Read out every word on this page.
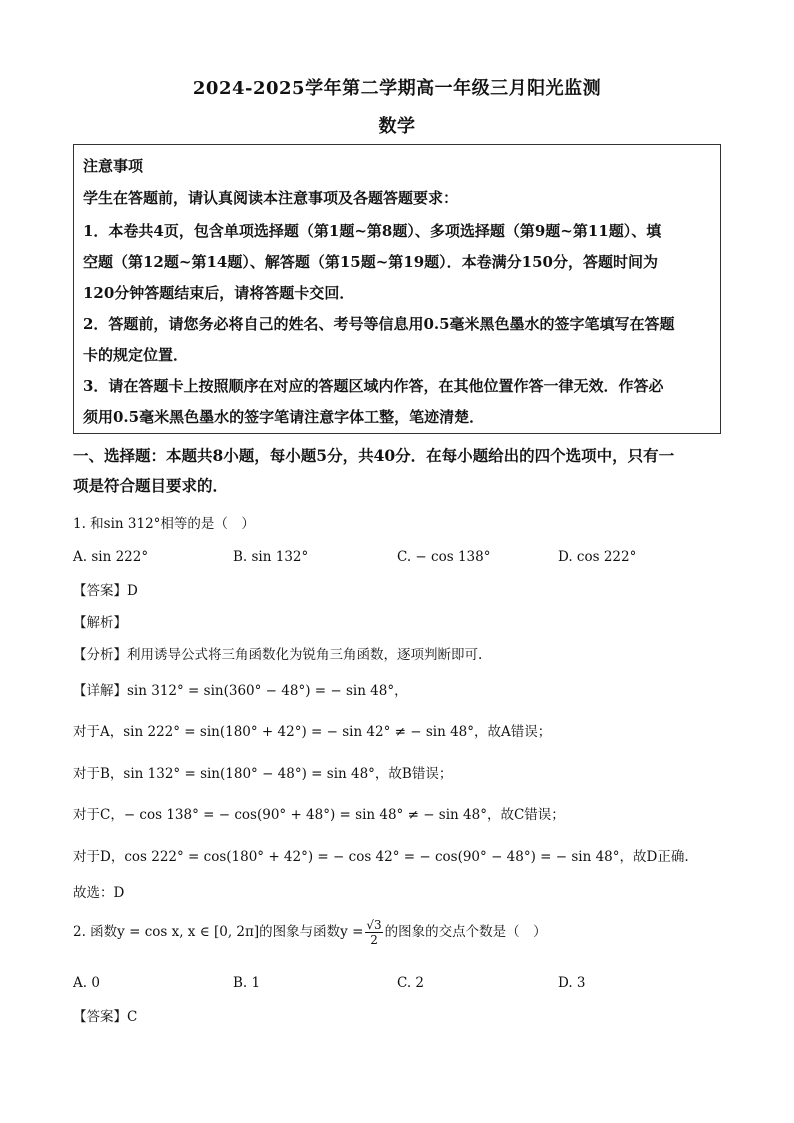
2024-2025学年第二学期高一年级三月阳光监测
数学
注意事项
学生在答题前，请认真阅读本注意事项及各题答题要求：
1．本卷共4页，包含单项选择题（第1题~第8题）、多项选择题（第9题~第11题）、填
空题（第12题~第14题）、解答题（第15题~第19题）．本卷满分150分，答题时间为
120分钟答题结束后，请将答题卡交回．
2．答题前，请您务必将自己的姓名、考号等信息用0.5毫米黑色墨水的签字笔填写在答题
卡的规定位置．
3．请在答题卡上按照顺序在对应的答题区域内作答，在其他位置作答一律无效．作答必
须用0.5毫米黑色墨水的签字笔请注意字体工整，笔迹清楚．
一、选择题：本题共8小题，每小题5分，共40分．在每小题给出的四个选项中，只有一
项是符合题目要求的．
1. 和sin 312°相等的是（　）
A. sin 222°	B. sin 132°	C. − cos 138°	D. cos 222°
【答案】D
【解析】
【分析】利用诱导公式将三角函数化为锐角三角函数，逐项判断即可.
【详解】sin 312° = sin(360° − 48°) = − sin 48°，
对于A，sin 222° = sin(180° + 42°) = − sin 42° ≠ − sin 48°，故A错误；
对于B，sin 132° = sin(180° − 48°) = sin 48°，故B错误；
对于C，− cos 138° = − cos(90° + 48°) = sin 48° ≠ − sin 48°，故C错误；
对于D，cos 222° = cos(180° + 42°) = − cos 42° = − cos(90° − 48°) = − sin 48°，故D正确.
故选：D
2. 函数y = cos x, x ∈ [0, 2π]的图象与函数$y = \frac{√3}{2}$ 的图象的交点个数是（　）
A. 0	B. 1	C. 2	D. 3
【答案】C
